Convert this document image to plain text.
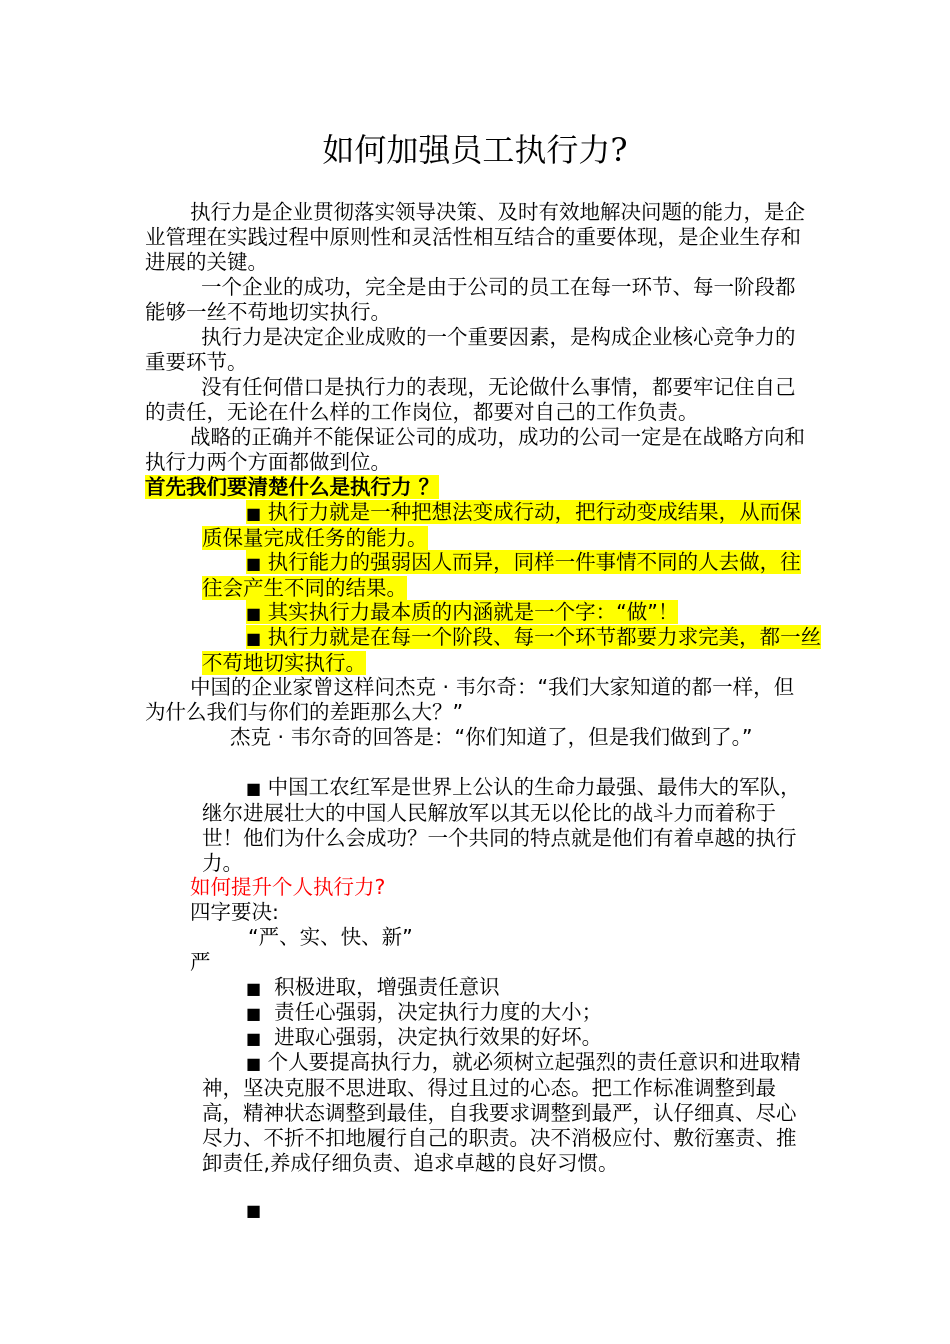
如何加强员工执行力?

执行力是企业贯彻落实领导决策、及时有效地解决问题的能力，是企业管理在实践过程中原则性和灵活性相互结合的重要体现，是企业生存和进展的关键。

一个企业的成功，完全是由于公司的员工在每一环节、每一阶段都能够一丝不苟地切实执行。

执行力是决定企业成败的一个重要因素，是构成企业核心竞争力的重要环节。

没有任何借口是执行力的表现，无论做什么事情，都要牢记住自己的责任，无论在什么样的工作岗位，都要对自己的工作负责。

战略的正确并不能保证公司的成功，成功的公司一定是在战略方向和执行力两个方面都做到位。

首先我们要清楚什么是执行力 ？

■ 执行力就是一种把想法变成行动，把行动变成结果，从而保质保量完成任务的能力。

■ 执行能力的强弱因人而异，同样一件事情不同的人去做，往往会产生不同的结果。

■ 其实执行力最本质的内涵就是一个字：“做”！

■ 执行力就是在每一个阶段、每一个环节都要力求完美，都一丝不苟地切实执行。

中国的企业家曾这样问杰克 · 韦尔奇：“我们大家知道的都一样，但为什么我们与你们的差距那么大？”

杰克 · 韦尔奇的回答是：“你们知道了，但是我们做到了。”

■ 中国工农红军是世界上公认的生命力最强、最伟大的军队，继尔进展壮大的中国人民解放军以其无以伦比的战斗力而着称于世！他们为什么会成功？一个共同的特点就是他们有着卓越的执行力。

如何提升个人执行力?

四字要决:

“严、实、快、新”

严

■ 积极进取，增强责任意识

■ 责任心强弱，决定执行力度的大小；

■ 进取心强弱，决定执行效果的好坏。

■ 个人要提高执行力，就必须树立起强烈的责任意识和进取精神，坚决克服不思进取、得过且过的心态。把工作标准调整到最高，精神状态调整到最佳，自我要求调整到最严，认仔细真、尽心尽力、不折不扣地履行自己的职责。决不消极应付、敷衍塞责、推卸责任,养成仔细负责、追求卓越的良好习惯。

■
